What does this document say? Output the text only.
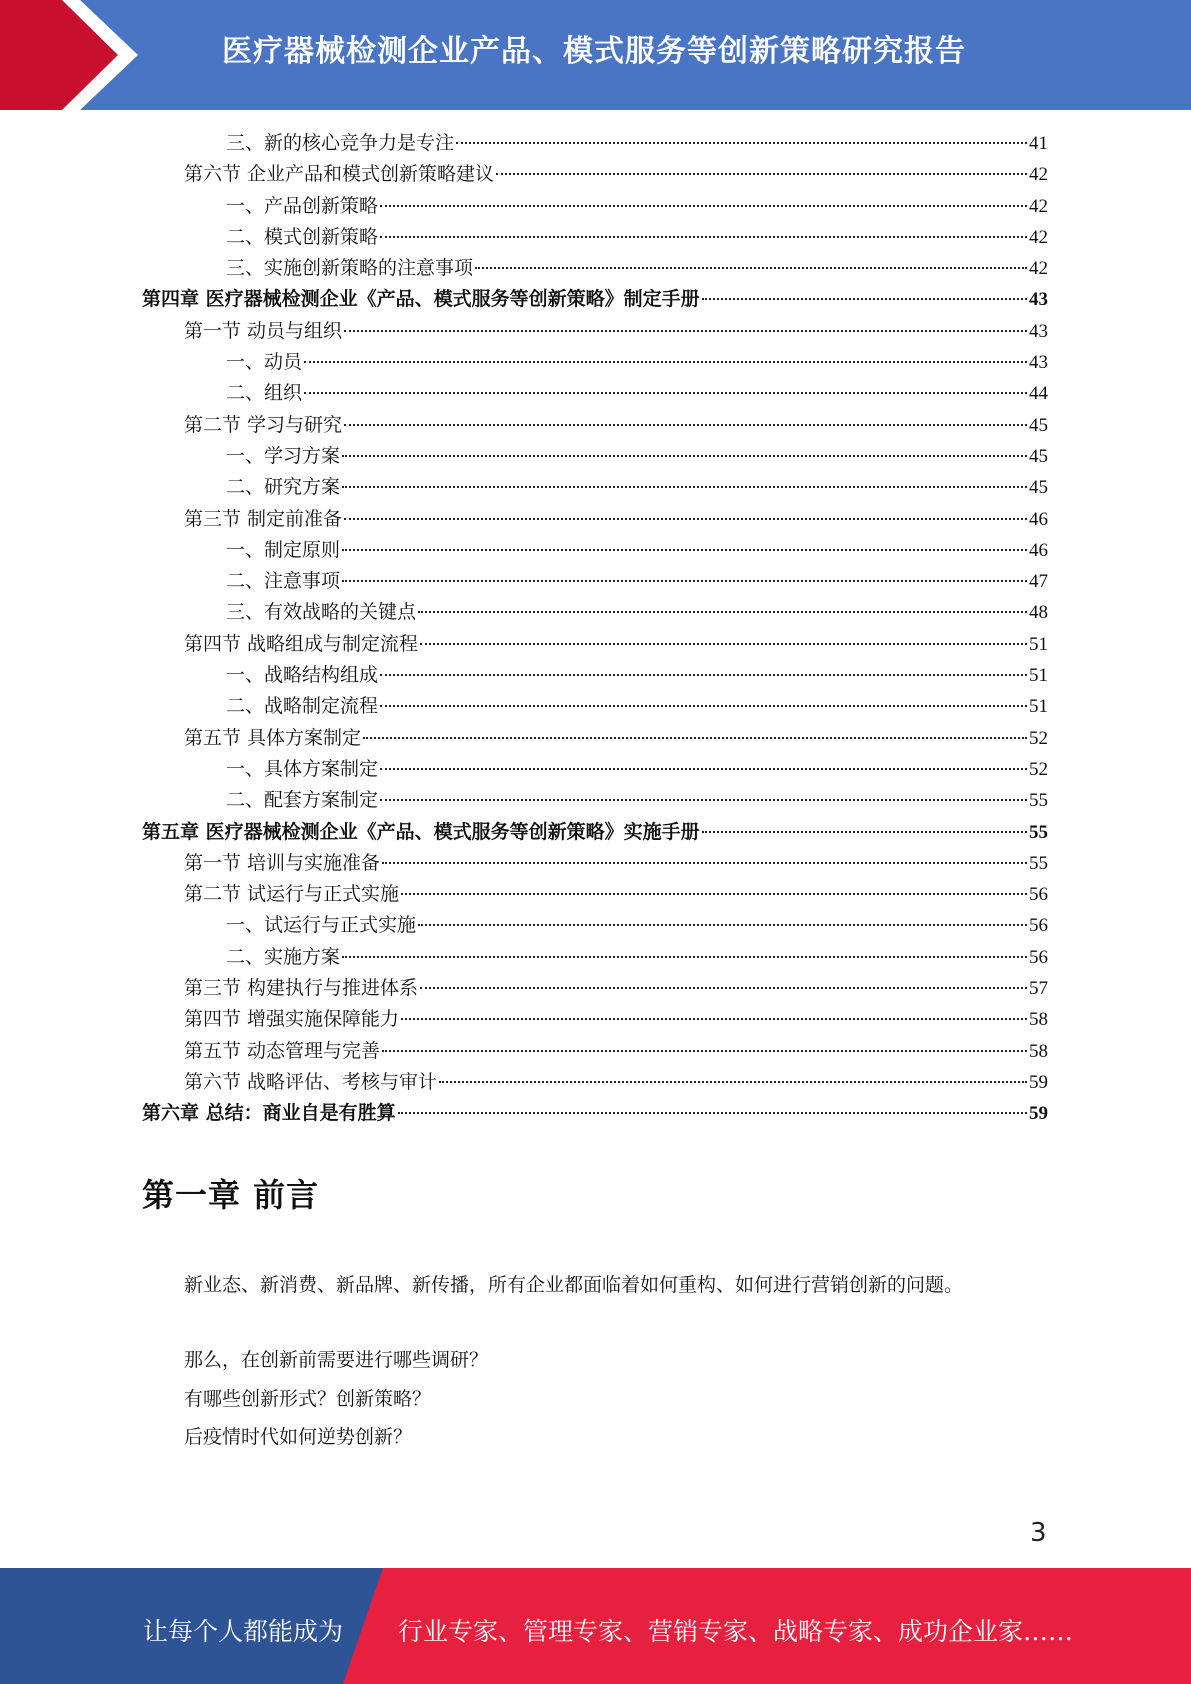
医疗器械检测企业产品、模式服务等创新策略研究报告
三、新的核心竞争力是专注	41
第六节 企业产品和模式创新策略建议	42
一、产品创新策略	42
二、模式创新策略	42
三、实施创新策略的注意事项	42
第四章 医疗器械检测企业《产品、模式服务等创新策略》制定手册	43
第一节 动员与组织	43
一、动员	43
二、组织	44
第二节 学习与研究	45
一、学习方案	45
二、研究方案	45
第三节 制定前准备	46
一、制定原则	46
二、注意事项	47
三、有效战略的关键点	48
第四节 战略组成与制定流程	51
一、战略结构组成	51
二、战略制定流程	51
第五节 具体方案制定	52
一、具体方案制定	52
二、配套方案制定	55
第五章 医疗器械检测企业《产品、模式服务等创新策略》实施手册	55
第一节 培训与实施准备	55
第二节 试运行与正式实施	56
一、试运行与正式实施	56
二、实施方案	56
第三节 构建执行与推进体系	57
第四节 增强实施保障能力	58
第五节 动态管理与完善	58
第六节 战略评估、考核与审计	59
第六章 总结：商业自是有胜算	59
第一章 前言
新业态、新消费、新品牌、新传播，所有企业都面临着如何重构、如何进行营销创新的问题。
那么，在创新前需要进行哪些调研？
有哪些创新形式？创新策略？
后疫情时代如何逆势创新？
3
让每个人都能成为 行业专家、管理专家、营销专家、战略专家、成功企业家……
